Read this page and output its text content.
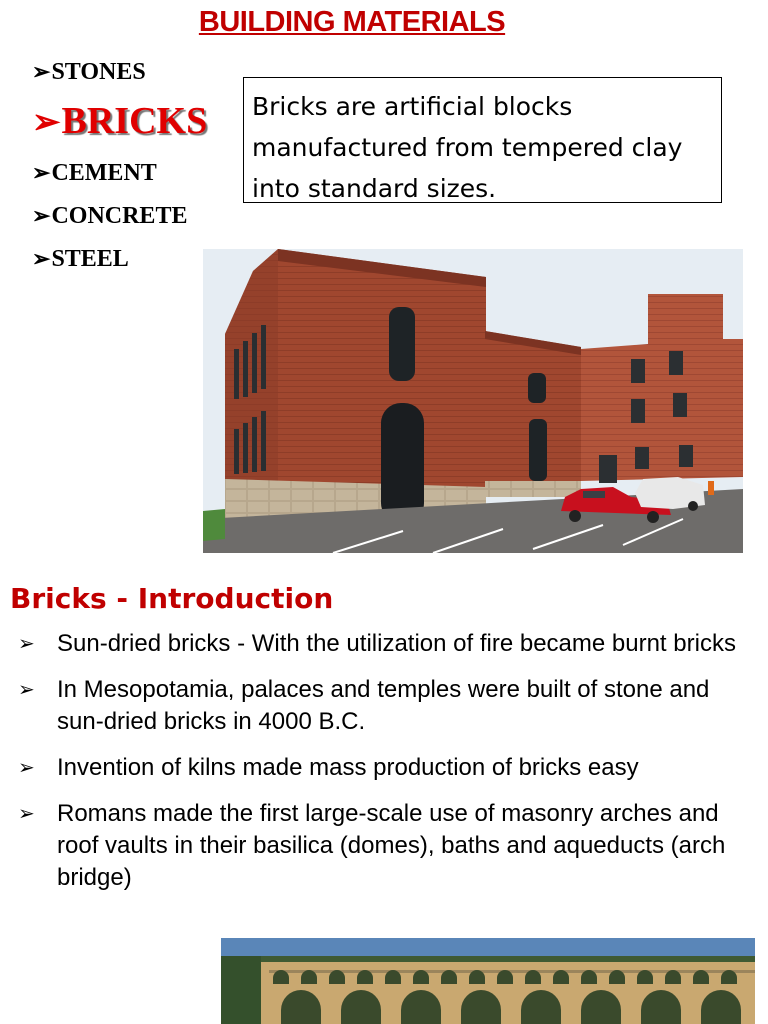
BUILDING MATERIALS
➢STONES
➢BRICKS
➢CEMENT
➢CONCRETE
➢STEEL
Bricks are artificial blocks manufactured from tempered clay into standard sizes.
Bricks - Introduction
➢ Sun-dried bricks - With the utilization of fire became burnt bricks
➢ In Mesopotamia, palaces and temples were built of stone and sun-dried bricks in 4000 B.C.
➢ Invention of kilns made mass production of bricks easy
➢ Romans made the first large-scale use of masonry arches and roof vaults in their basilica (domes), baths and aqueducts (arch bridge)
